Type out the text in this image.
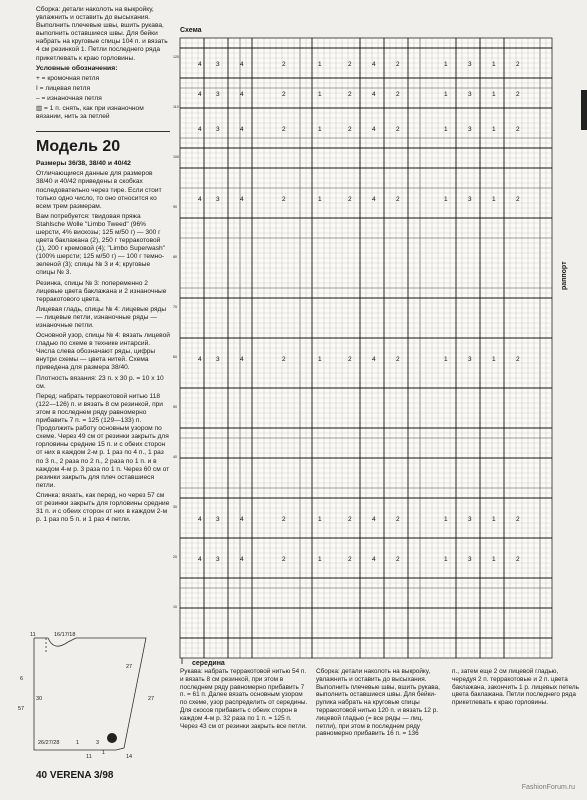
Сборка: детали наколоть на выкройку, увлажнить и оставить до высыхания. Выполнить плечевые швы, вшить рукава, выполнить оставшиеся швы. Для бейки набрать на круговые спицы 104 п. и вязать 4 см резинкой 1. Петли последнего ряда прикетлевать к краю горловины.

Условные обозначения:

+ = кромочная петля

I = лицевая петля

– = изнаночная петля

▥ = 1 п. снять, как при изнаночном вязании, нить за петлей

Модель 20

Размеры 36/38, 38/40 и 40/42

Отличающиеся данные для размеров 38/40 и 40/42 приведены в скобках последовательно через тире. Если стоит только одно число, то оно относится ко всем трем размерам.

Вам потребуется: твидовая пряжа Stahlsche Wolle "Limbo Tweed" (96% шерсти, 4% вискозы; 125 м/50 г) — 300 г цвета баклажана (2), 250 г терракотовой (1), 200 г кремовой (4); "Limbo Superwash" (100% шерсти; 125 м/50 г) — 100 г темно-зеленой (3); спицы № 3 и 4; круговые спицы № 3.

Резинка, спицы № 3: попеременно 2 лицевые цвета баклажана и 2 изнаночные терракотового цвета.

Лицевая гладь, спицы № 4: лицевые ряды — лицевые петли, изнаночные ряды — изнаночные петли.

Основной узор, спицы № 4: вязать лицевой гладью по схеме в технике интарсий. Числа слева обозначают ряды, цифры внутри схемы — цвета нитей. Схема приведена для размера 38/40.

Плотность вязания: 23 п. x 30 р. = 10 x 10 см.

Перед: набрать терракотовой нитью 118 (122—126) п. и вязать 8 см резинкой, при этом в последнем ряду равномерно прибавить 7 п. = 125 (129—133) п. Продолжить работу основным узором по схеме. Через 49 см от резинки закрыть для горловины средние 15 п. и с обеих сторон от них в каждом 2-м р. 1 раз по 4 п., 1 раз по 3 п., 2 раза по 2 п., 2 раза по 1 п. и в каждом 4-м р. 3 раза по 1 п. Через 60 см от резинки закрыть для плеч оставшиеся петли.

Спинка: вязать, как перед, но через 57 см от резинки закрыть для горловины средние 31 п. и с обеих сторон от них в каждом 2-м р. 1 раз по 5 п. и 1 раз 4 петли.

11	16/17/18
27
27
6
30
57
26/27/28
11	14
1	3
1
Схема
4 3	4	2	1	2	4	2	1	3	1	2
4 3	4	2	1	2	4	2	1	3	1	2
4 3	4	2	1	2	4	2	1	3	1	2
4 3	4	2	1	2	4	2	1	3	1	2
4 3	4	2	1	2	4	2	1	3	1	2
4 3	4	2	1	2	4	2	1	3	1	2
4 3	4	2	1	2	4	2	1	3	1	2
120
110
100
90
80
70
60
50
40
30
20
10
середина
раппорт

Рукава: набрать терракотовой нитью 54 п. и вязать 8 см резинкой, при этом в последнем ряду равномерно прибавить 7 п. = 61 п. Далее вязать основным узором по схеме, узор распределить от середины. Для скосов прибавить с обеих сторон в каждом 4-м р. 32 раза по 1 п. = 125 п. Через 43 см от резинки закрыть все петли.

Сборка: детали наколоть на выкройку, увлажнить и оставить до высыхания. Выполнить плечевые швы, вшить рукава, выполнить оставшиеся швы. Для бейки-рулика набрать на круговые спицы терракотовой нитью 120 п. и вязать 12 р. лицевой гладью (= все ряды — лиц. петли), при этом в последнем ряду равномерно прибавить 16 п. = 136

п., затем еще 2 см лицевой гладью, чередуя 2 п. терракотовые и 2 п. цвета баклажана, закончить 1 р. лицевых петель цвета баклажана. Петли последнего ряда прикетлевать к краю горловины.

40 VERENA 3/98
FashionForum.ru
